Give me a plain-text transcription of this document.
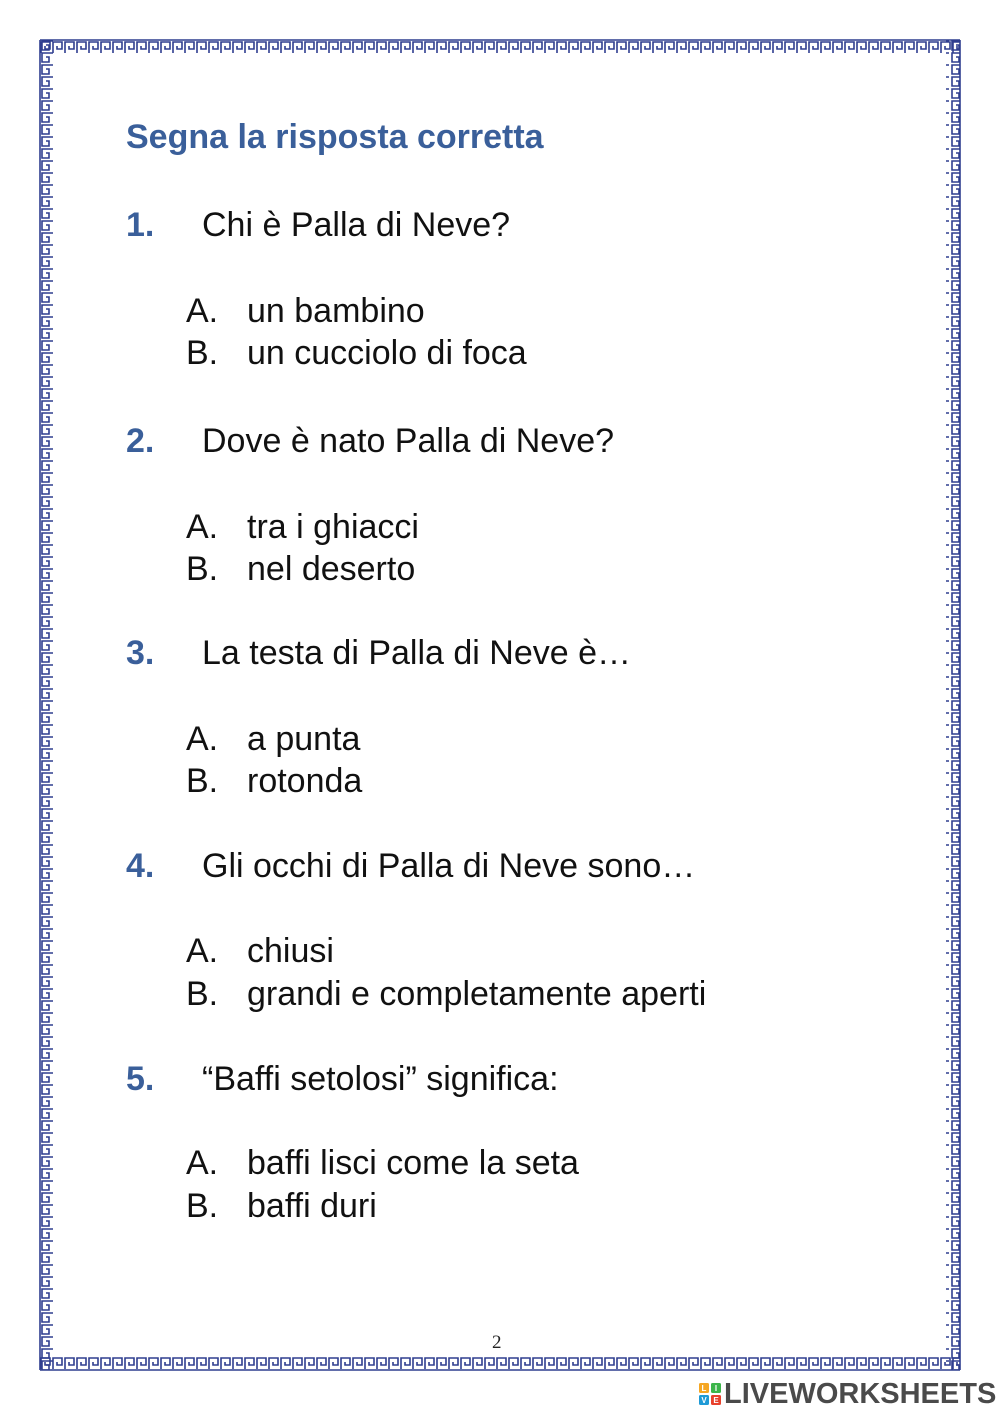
Segna la risposta corretta
1. Chi è Palla di Neve?
A. un bambino
B. un cucciolo di foca
2. Dove è nato Palla di Neve?
A. tra i ghiacci
B. nel deserto
3. La testa di Palla di Neve è…
A. a punta
B. rotonda
4. Gli occhi di Palla di Neve sono…
A. chiusi
B. grandi e completamente aperti
5. “Baffi setolosi” significa:
A. baffi lisci come la seta
B. baffi duri
2
L I
V E LIVEWORKSHEETS
